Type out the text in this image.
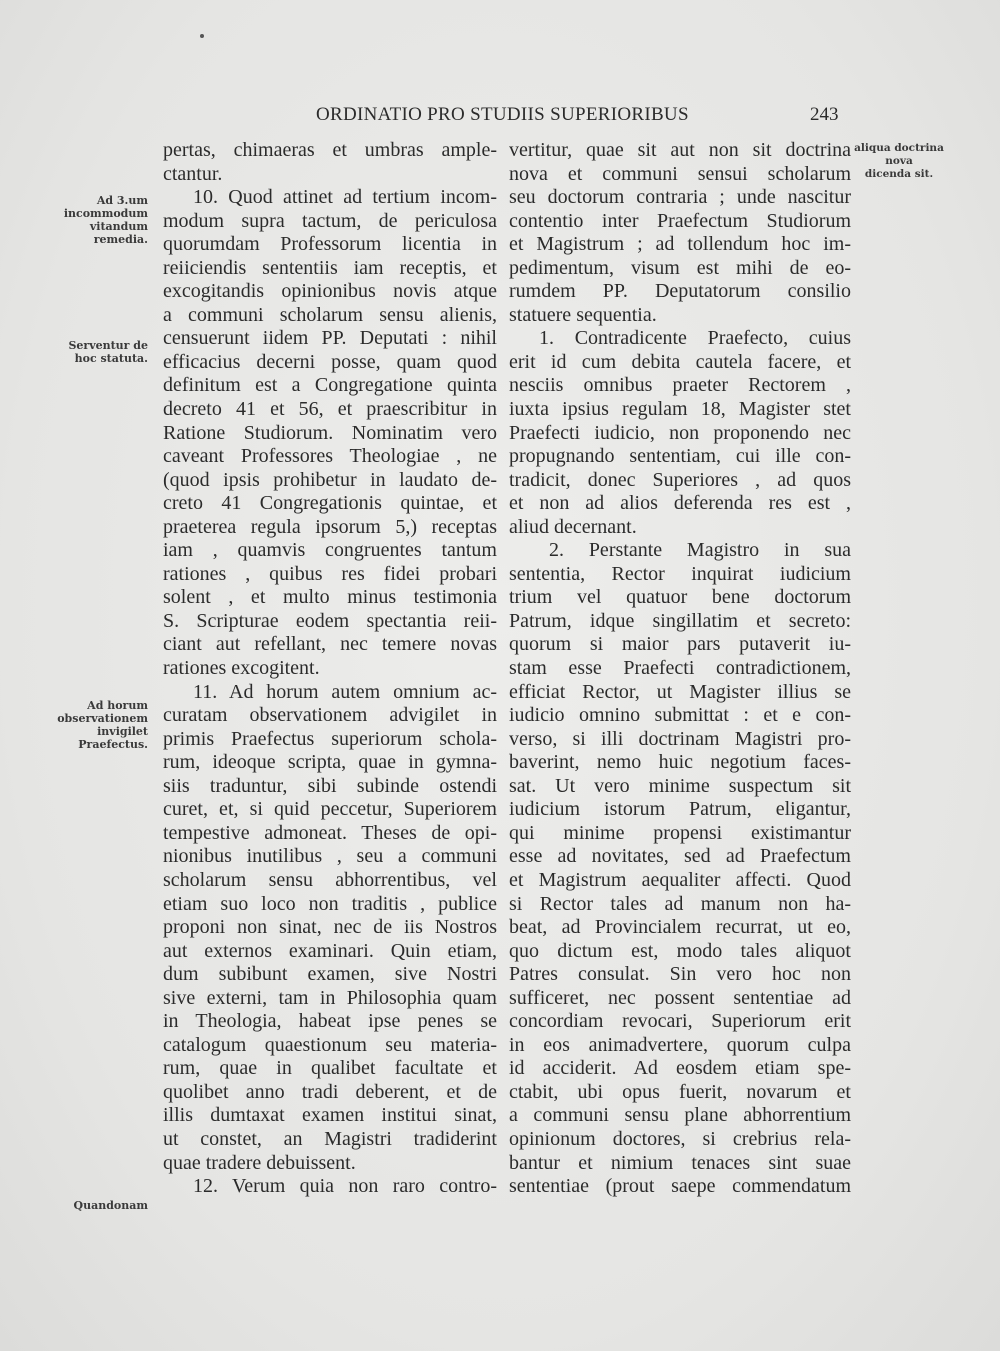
ORDINATIO PRO STUDIIS SUPERIORIBUS	243
Ad 3.um
incommodum
vitandum
remedia.
Serventur de
hoc statuta.
Ad horum
observationem
invigilet
Praefectus.
Quandonam
aliqua doctrina
nova
dicenda sit.

pertas, chimaeras et umbras ample-

ctantur.

10. Quod attinet ad tertium incom-

modum supra tactum, de periculosa

quorumdam Professorum licentia in

reiiciendis sententiis iam receptis, et

excogitandis opinionibus novis atque

a communi scholarum sensu alienis,

censuerunt iidem PP. Deputati : nihil

efficacius decerni posse, quam quod

definitum est a Congregatione quinta

decreto 41 et 56, et praescribitur in

Ratione Studiorum. Nominatim vero

caveant Professores Theologiae , ne

(quod ipsis prohibetur in laudato de-

creto 41 Congregationis quintae, et

praeterea regula ipsorum 5,) receptas

iam , quamvis congruentes tantum

rationes , quibus res fidei probari

solent , et multo minus testimonia

S. Scripturae eodem spectantia reii-

ciant aut refellant, nec temere novas

rationes excogitent.

11. Ad horum autem omnium ac-

curatam observationem advigilet in

primis Praefectus superiorum schola-

rum, ideoque scripta, quae in gymna-

siis traduntur, sibi subinde ostendi

curet, et, si quid peccetur, Superiorem

tempestive admoneat. Theses de opi-

nionibus inutilibus , seu a communi

scholarum sensu abhorrentibus, vel

etiam suo loco non traditis , publice

proponi non sinat, nec de iis Nostros

aut externos examinari. Quin etiam,

dum subibunt examen, sive Nostri

sive externi, tam in Philosophia quam

in Theologia, habeat ipse penes se

catalogum quaestionum seu materia-

rum, quae in qualibet facultate et

quolibet anno tradi deberent, et de

illis dumtaxat examen institui sinat,

ut constet, an Magistri tradiderint

quae tradere debuissent.

12. Verum quia non raro contro-

vertitur, quae sit aut non sit doctrina

nova et communi sensui scholarum

seu doctorum contraria ; unde nascitur

contentio inter Praefectum Studiorum

et Magistrum ; ad tollendum hoc im-

pedimentum, visum est mihi de eo-

rumdem PP. Deputatorum consilio

statuere sequentia.

1. Contradicente Praefecto, cuius

erit id cum debita cautela facere, et

nesciis omnibus praeter Rectorem ,

iuxta ipsius regulam 18, Magister stet

Praefecti iudicio, non proponendo nec

propugnando sententiam, cui ille con-

tradicit, donec Superiores , ad quos

et non ad alios deferenda res est ,

aliud decernant.

2. Perstante Magistro in sua

sententia, Rector inquirat iudicium

trium vel quatuor bene doctorum

Patrum, idque singillatim et secreto:

quorum si maior pars putaverit iu-

stam esse Praefecti contradictionem,

efficiat Rector, ut Magister illius se

iudicio omnino submittat : et e con-

verso, si illi doctrinam Magistri pro-

baverint, nemo huic negotium faces-

sat. Ut vero minime suspectum sit

iudicium istorum Patrum, eligantur,

qui minime propensi existimantur

esse ad novitates, sed ad Praefectum

et Magistrum aequaliter affecti. Quod

si Rector tales ad manum non ha-

beat, ad Provincialem recurrat, ut eo,

quo dictum est, modo tales aliquot

Patres consulat. Sin vero hoc non

sufficeret, nec possent sententiae ad

concordiam revocari, Superiorum erit

in eos animadvertere, quorum culpa

id acciderit. Ad eosdem etiam spe-

ctabit, ubi opus fuerit, novarum et

a communi sensu plane abhorrentium

opinionum doctores, si crebrius rela-

bantur et nimium tenaces sint suae

sententiae (prout saepe commendatum
